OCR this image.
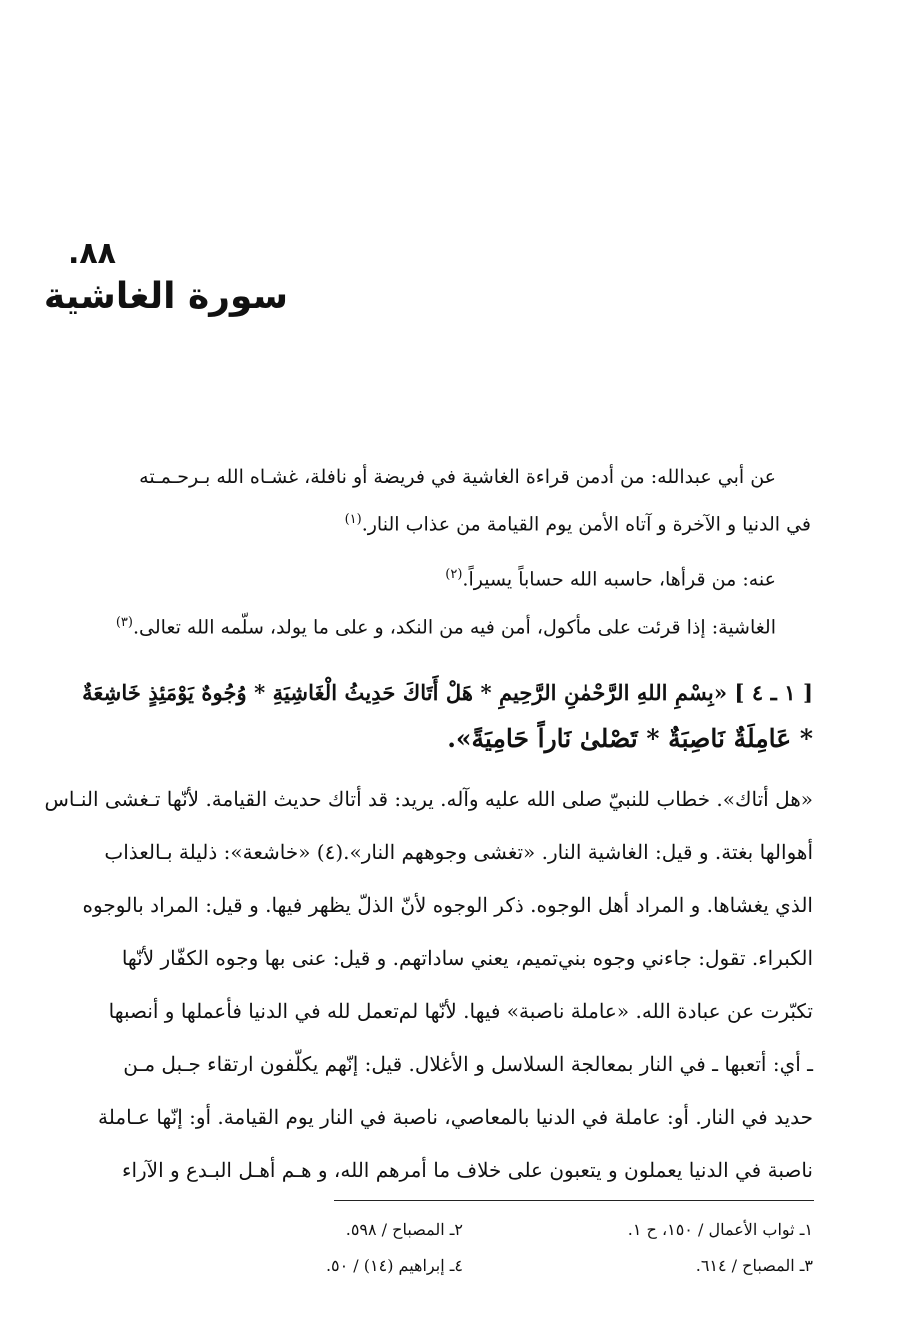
٨٨.
سورة الغاشية
عن أبي عبدالله: من أدمن قراءة الغاشية في فريضة أو نافلة، غشـاه الله بـرحـمـته
في الدنيا و الآخرة و آتاه الأمن يوم القيامة من عذاب النار.$^{(١)}$
عنه: من قرأها، حاسبه الله حساباً يسيراً.$^{(٢)}$
الغاشية: إذا قرئت على مأكول، أمن فيه من النكد، و على ما يولد، سلّمه الله تعالى.$^{(٣)}$
[ ١ ـ ٤ ] «بِسْمِ اللهِ الرَّحْمٰنِ الرَّحِيمِ * هَلْ أَتَاكَ حَدِيثُ الْغَاشِيَةِ * وُجُوهٌ يَوْمَئِذٍ خَاشِعَةٌ
* عَامِلَةٌ نَاصِبَةٌ * تَصْلىٰ نَاراً حَامِيَةً».
«هل أتاك». خطاب للنبيّ صلى الله عليه وآله. يريد: قد أتاك حديث القيامة. لأنّها تـغشى النـاس
أهوالها بغتة. و قيل: الغاشية النار. «تغشى وجوههم النار».(٤) «خاشعة»: ذليلة بـالعذاب
الذي يغشاها. و المراد أهل الوجوه. ذكر الوجوه لأنّ الذلّ يظهر فيها. و قيل: المراد بالوجوه
الكبراء. تقول: جاءني وجوه بني‌تميم، يعني ساداتهم. و قيل: عنى بها وجوه الكفّار لأنّها
تكبّرت عن عبادة الله. «عاملة ناصبة» فيها. لأنّها لم‌تعمل لله في الدنيا فأعملها و أنصبها
ـ أي: أتعبها ـ في النار بمعالجة السلاسل و الأغلال. قيل: إنّهم يكلّفون ارتقاء جـبل مـن
حديد في النار. أو: عاملة في الدنيا بالمعاصي، ناصبة في النار يوم القيامة. أو: إنّها عـاملة
ناصبة في الدنيا يعملون و يتعبون على خلاف ما أمرهم الله، و هـم أهـل البـدع و الآراء
١ـ ثواب الأعمال / ١٥٠، ح ١.
٢ـ المصباح / ٥٩٨.
٣ـ المصباح / ٦١٤.
٤ـ إبراهيم (١٤) / ٥٠.
